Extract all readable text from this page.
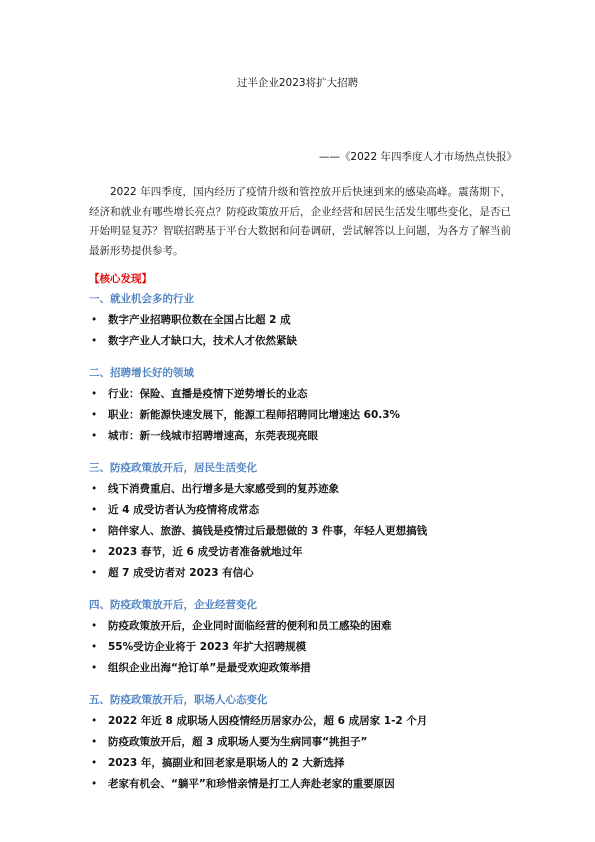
过半企业2023将扩大招聘
——《2022 年四季度人才市场热点快报》

2022 年四季度，国内经历了疫情升级和管控放开后快速到来的感染高峰。震荡期下，经济和就业有哪些增长亮点？防疫政策放开后，企业经营和居民生活发生哪些变化，是否已开始明显复苏？智联招聘基于平台大数据和问卷调研，尝试解答以上问题，为各方了解当前最新形势提供参考。

【核心发现】
一、就业机会多的行业
• 数字产业招聘职位数在全国占比超 2 成
• 数字产业人才缺口大，技术人才依然紧缺
二、招聘增长好的领域
• 行业：保险、直播是疫情下逆势增长的业态
• 职业：新能源快速发展下，能源工程师招聘同比增速达 60.3%
• 城市：新一线城市招聘增速高，东莞表现亮眼
三、防疫政策放开后，居民生活变化
• 线下消费重启、出行增多是大家感受到的复苏迹象
• 近 4 成受访者认为疫情将成常态
• 陪伴家人、旅游、搞钱是疫情过后最想做的 3 件事，年轻人更想搞钱
• 2023 春节，近 6 成受访者准备就地过年
• 超 7 成受访者对 2023 有信心
四、防疫政策放开后，企业经营变化
• 防疫政策放开后，企业同时面临经营的便利和员工感染的困难
• 55%受访企业将于 2023 年扩大招聘规模
• 组织企业出海“抢订单”是最受欢迎政策举措
五、防疫政策放开后，职场人心态变化
• 2022 年近 8 成职场人因疫情经历居家办公，超 6 成居家 1-2 个月
• 防疫政策放开后，超 3 成职场人要为生病同事“挑担子”
• 2023 年，搞副业和回老家是职场人的 2 大新选择
• 老家有机会、“躺平”和珍惜亲情是打工人奔赴老家的重要原因
